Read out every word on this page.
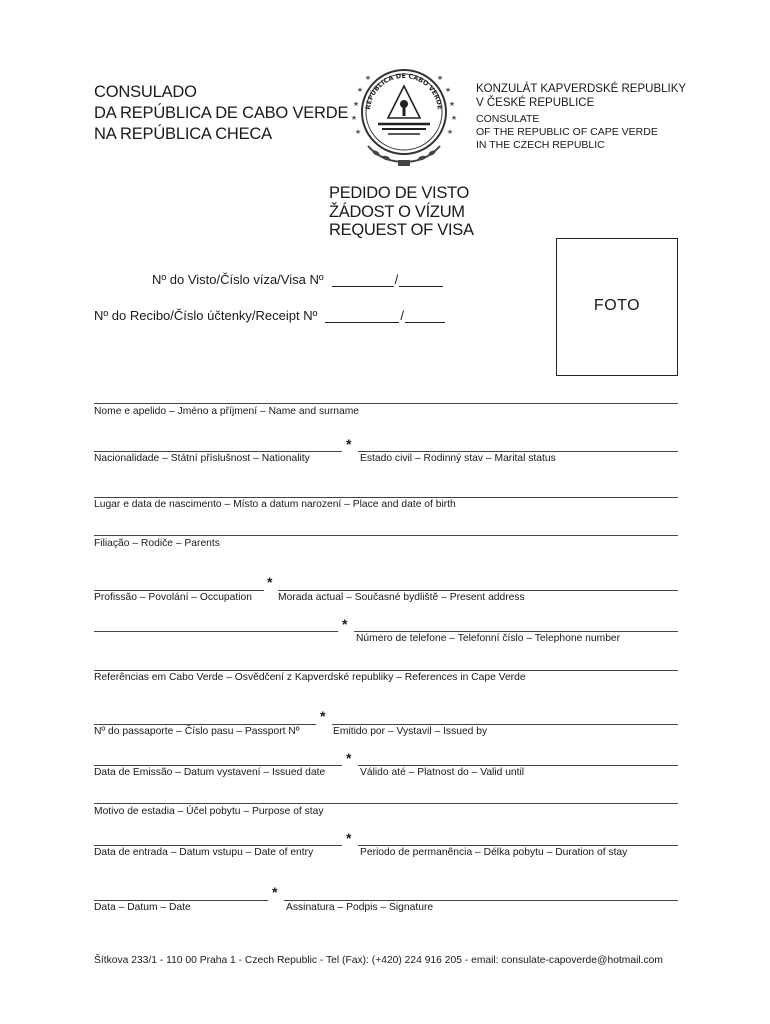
CONSULADO
DA REPÚBLICA DE CABO VERDE
NA REPÚBLICA CHECA
★
★
★
★
★
★
★
★
★
★
REPÚBLICA DE CABO VERDE
KONZULÁT KAPVERDSKÉ REPUBLIKY
V ČESKÉ REPUBLICE
CONSULATE
OF THE REPUBLIC OF CAPE VERDE
IN THE CZECH REPUBLIC
PEDIDO DE VISTO
ŽÁDOST O VÍZUM
REQUEST OF VISA
Nº do Visto/Číslo víza/Visa Nº	/
Nº do Recibo/Číslo účtenky/Receipt Nº	/
FOTO
Nome e apelido – Jméno a příjmení – Name and surname
*
Nacionalidade – Státní příslušnost – Nationality	Estado civil – Rodinný stav – Marital status
Lugar e data de nascimento – Místo a datum narození – Place and date of birth
Filiação – Rodiče – Parents
*
Profissão – Povolání – Occupation	Morada actual – Současné bydliště – Present address
*
Número de telefone – Telefonní číslo – Telephone number
Referências em Cabo Verde – Osvědčení z Kapverdské republiky – References in Cape Verde
*
Nº do passaporte – Číslo pasu – Passport Nº	Emitido por – Vystavil – Issued by
*
Data de Emissão – Datum vystavení – Issued date	Válido até – Platnost do – Valid until
Motivo de estadia – Účel pobytu – Purpose of stay
*
Data de entrada – Datum vstupu – Date of entry	Periodo de permanência – Délka pobytu – Duration of stay
*
Data – Datum – Date	Assinatura – Podpis – Signature
Šítkova 233/1 - 110 00 Praha 1 - Czech Republic - Tel (Fax): (+420) 224 916 205 - email: consulate-capoverde@hotmail.com
